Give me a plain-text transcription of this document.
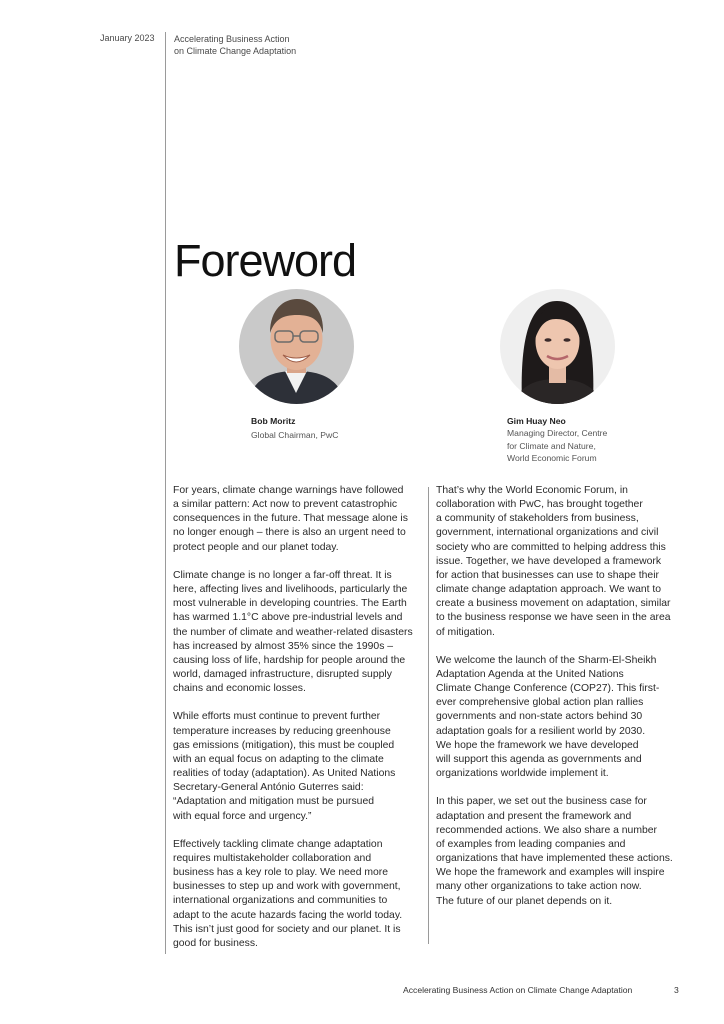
January 2023 Accelerating Business Action
on Climate Change Adaptation
Foreword
Bob Moritz
Global Chairman, PwC
Gim Huay Neo
Managing Director, Centre
for Climate and Nature,
World Economic Forum

For years, climate change warnings have followed
a similar pattern: Act now to prevent catastrophic
consequences in the future. That message alone is
no longer enough – there is also an urgent need to
protect people and our planet today.

Climate change is no longer a far-off threat. It is
here, affecting lives and livelihoods, particularly the
most vulnerable in developing countries. The Earth
has warmed 1.1°C above pre-industrial levels and
the number of climate and weather-related disasters
has increased by almost 35% since the 1990s –
causing loss of life, hardship for people around the
world, damaged infrastructure, disrupted supply
chains and economic losses.

While efforts must continue to prevent further
temperature increases by reducing greenhouse
gas emissions (mitigation), this must be coupled
with an equal focus on adapting to the climate
realities of today (adaptation). As United Nations
Secretary-General António Guterres said:
“Adaptation and mitigation must be pursued
with equal force and urgency.”

Effectively tackling climate change adaptation
requires multistakeholder collaboration and
business has a key role to play. We need more
businesses to step up and work with government,
international organizations and communities to
adapt to the acute hazards facing the world today.
This isn’t just good for society and our planet. It is
good for business.

That’s why the World Economic Forum, in
collaboration with PwC, has brought together
a community of stakeholders from business,
government, international organizations and civil
society who are committed to helping address this
issue. Together, we have developed a framework
for action that businesses can use to shape their
climate change adaptation approach. We want to
create a business movement on adaptation, similar
to the business response we have seen in the area
of mitigation.

We welcome the launch of the Sharm-El-Sheikh
Adaptation Agenda at the United Nations
Climate Change Conference (COP27). This first-
ever comprehensive global action plan rallies
governments and non-state actors behind 30
adaptation goals for a resilient world by 2030.
We hope the framework we have developed
will support this agenda as governments and
organizations worldwide implement it.

In this paper, we set out the business case for
adaptation and present the framework and
recommended actions. We also share a number
of examples from leading companies and
organizations that have implemented these actions.
We hope the framework and examples will inspire
many other organizations to take action now.
The future of our planet depends on it.

Accelerating Business Action on Climate Change Adaptation	3
